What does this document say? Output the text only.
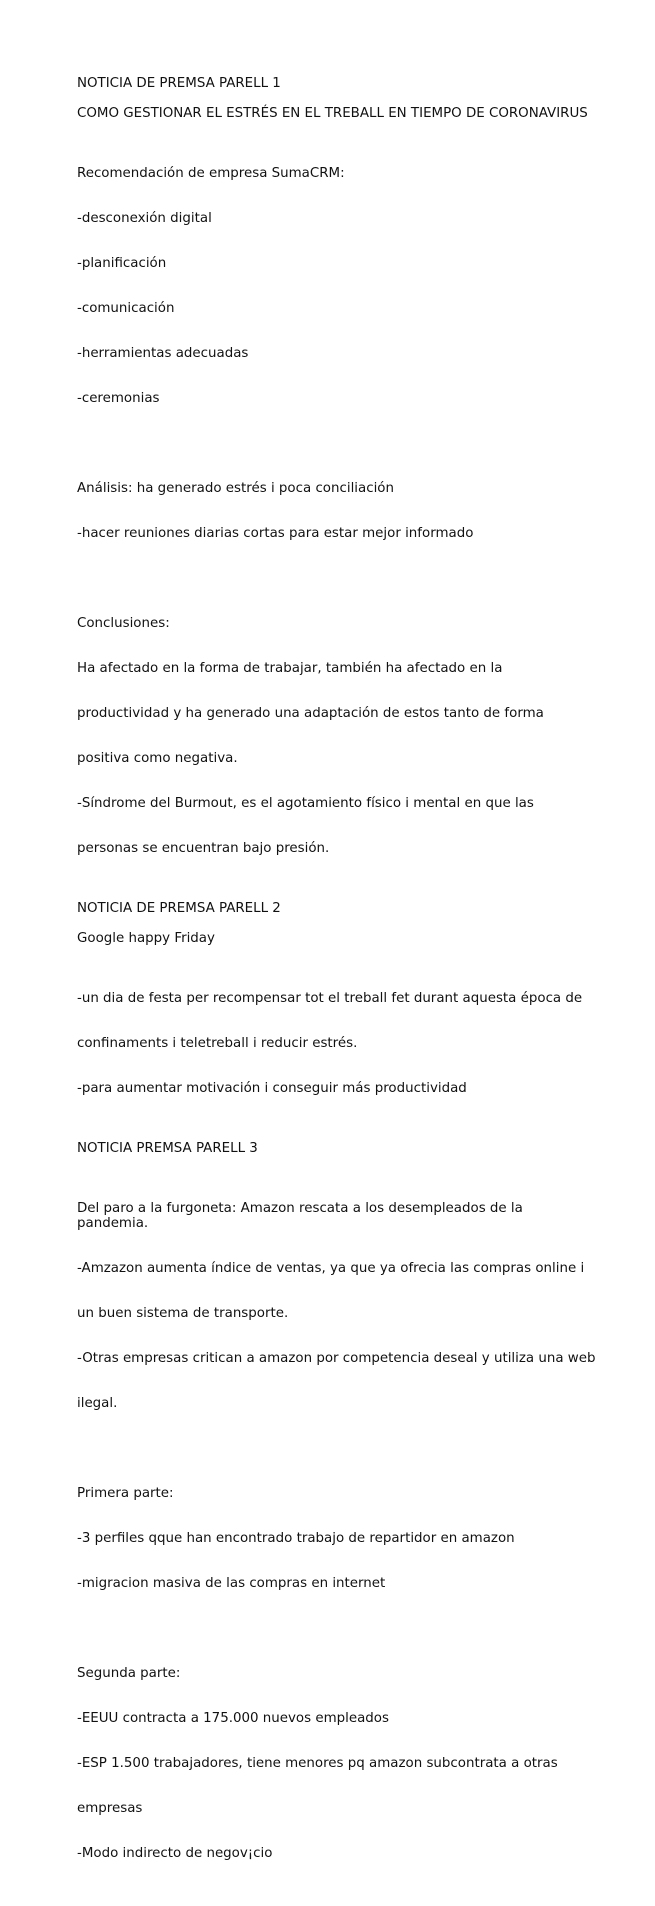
NOTICIA DE PREMSA PARELL 1
COMO GESTIONAR EL ESTRÉS EN EL TREBALL EN TIEMPO DE CORONAVIRUS

Recomendación de empresa SumaCRM:

-desconexión digital

-planificación

-comunicación

-herramientas adecuadas

-ceremonias

Análisis: ha generado estrés i poca conciliación

-hacer reuniones diarias cortas para estar mejor informado

Conclusiones:

Ha afectado en la forma de trabajar, también ha afectado en la

productividad y ha generado una adaptación de estos tanto de forma

positiva como negativa.

-Síndrome del Burmout, es el agotamiento físico i mental en que las

personas se encuentran bajo presión.

NOTICIA DE PREMSA PARELL 2
Google happy Friday

-un dia de festa per recompensar tot el treball fet durant aquesta época de

confinaments i teletreball i reducir estrés.

-para aumentar motivación i conseguir más productividad

NOTICIA PREMSA PARELL 3

Del paro a la furgoneta: Amazon rescata a los desempleados de la pandemia.

-Amzazon aumenta índice de ventas, ya que ya ofrecia las compras online i

un buen sistema de transporte.

-Otras empresas critican a amazon por competencia deseal y utiliza una web

ilegal.

Primera parte:

-3 perfiles qque han encontrado trabajo de repartidor en amazon

-migracion masiva de las compras en internet

Segunda parte:

-EEUU contracta a 175.000 nuevos empleados

-ESP 1.500 trabajadores, tiene menores pq amazon subcontrata a otras

empresas

-Modo indirecto de negov¡cio
